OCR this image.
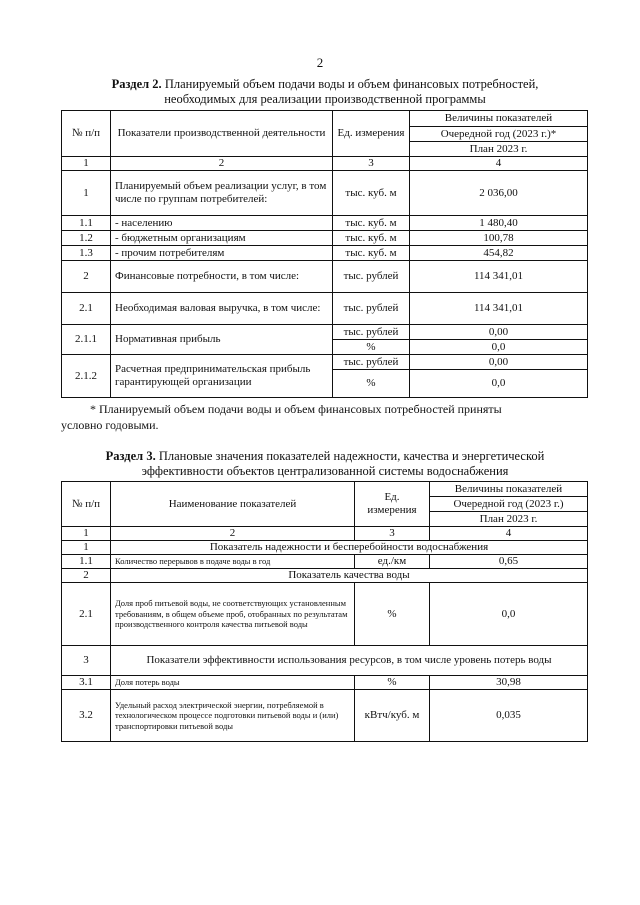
2
Раздел 2. Планируемый объем подачи воды и объем финансовых потребностей,
необходимых для реализации производственной программы
№ п/п	Показатели производственной деятельности	Ед. измерения	Величины показателей
			Очередной год (2023 г.)*
			План 2023 г.
1	2	3	4
1	Планируемый объем реализации услуг, в том числе по группам потребителей:	тыс. куб. м	2 036,00
1.1	- населению	тыс. куб. м	1 480,40
1.2	- бюджетным организациям	тыс. куб. м	100,78
1.3	- прочим потребителям	тыс. куб. м	454,82
2	Финансовые потребности, в том числе:	тыс. рублей	114 341,01
2.1	Необходимая валовая выручка, в том числе:	тыс. рублей	114 341,01
2.1.1	Нормативная прибыль	тыс. рублей	0,00
		%	0,0
2.1.2	Расчетная предпринимательская прибыль гарантирующей организации	тыс. рублей	0,00
		%	0,0
* Планируемый объем подачи воды и объем финансовых потребностей приняты
условно годовыми.
Раздел 3. Плановые значения показателей надежности, качества и энергетической
эффективности объектов централизованной системы водоснабжения
№ п/п	Наименование показателей	Ед. измерения	Величины показателей
			Очередной год (2023 г.)
			План 2023 г.
1	2	3	4
1	Показатель надежности и бесперебойности водоснабжения		
1.1	Количество перерывов в подаче воды в год	ед./км	0,65
2	Показатель качества воды		
2.1	Доля проб питьевой воды, не соответствующих установленным требованиям, в общем объеме проб, отобранных по результатам производственного контроля качества питьевой воды	%	0,0
3	Показатели эффективности использования ресурсов, в том числе уровень потерь воды		
3.1	Доля потерь воды	%	30,98
3.2	Удельный расход электрической энергии, потребляемой в технологическом процессе подготовки питьевой воды и (или) транспортировки питьевой воды	кВтч/куб. м	0,035
